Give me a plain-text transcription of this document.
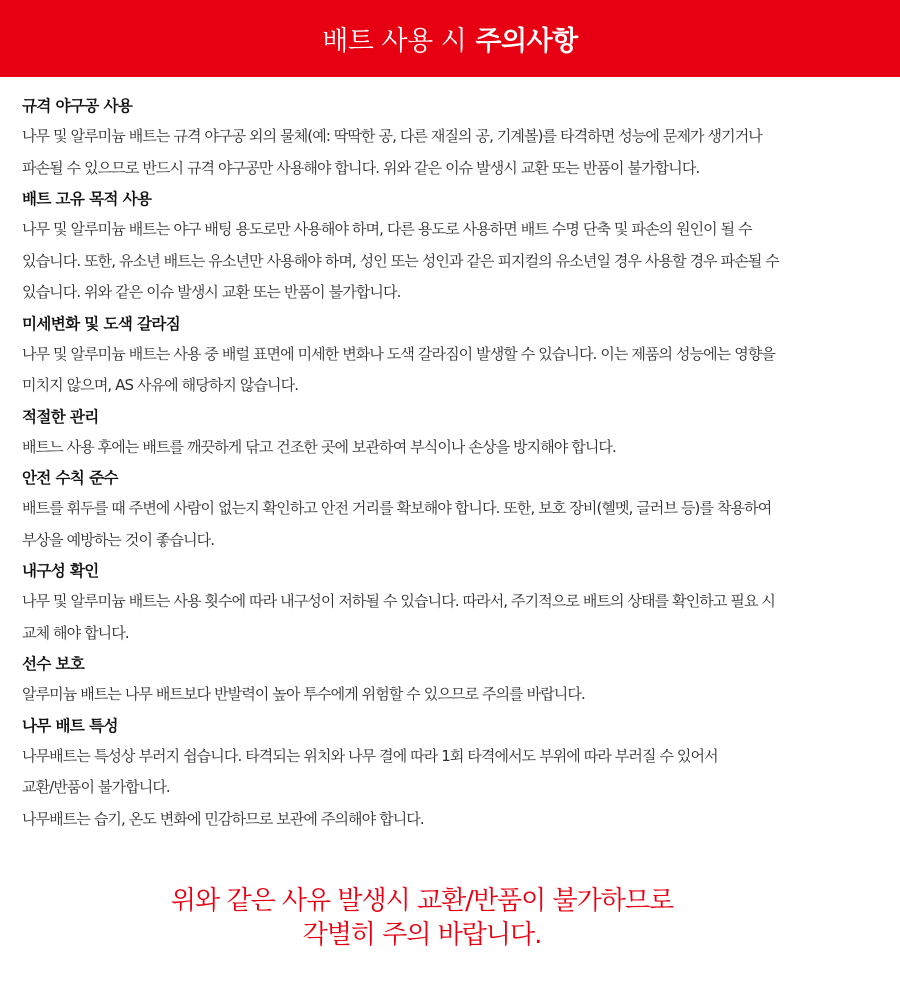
배트 사용 시 주의사항
규격 야구공 사용
나무 및 알루미늄 배트는 규격 야구공 외의 물체(예: 딱딱한 공, 다른 재질의 공, 기계볼)를 타격하면 성능에 문제가 생기거나
파손될 수 있으므로 반드시 규격 야구공만 사용해야 합니다. 위와 같은 이슈 발생시 교환 또는 반품이 불가합니다.
배트 고유 목적 사용
나무 및 알루미늄 배트는 야구 배팅 용도로만 사용해야 하며, 다른 용도로 사용하면 배트 수명 단축 및 파손의 원인이 될 수
있습니다. 또한, 유소년 배트는 유소년만 사용해야 하며, 성인 또는 성인과 같은 피지컬의 유소년일 경우 사용할 경우 파손될 수
있습니다. 위와 같은 이슈 발생시 교환 또는 반품이 불가합니다.
미세변화 및 도색 갈라짐
나무 및 알루미늄 배트는 사용 중 배럴 표면에 미세한 변화나 도색 갈라짐이 발생할 수 있습니다. 이는 제품의 성능에는 영향을
미치지 않으며, AS 사유에 해당하지 않습니다.
적절한 관리
배트느 사용 후에는 배트를 깨끗하게 닦고 건조한 곳에 보관하여 부식이나 손상을 방지해야 합니다.
안전 수칙 준수
배트를 휘두를 때 주변에 사람이 없는지 확인하고 안전 거리를 확보해야 합니다. 또한, 보호 장비(헬멧, 글러브 등)를 착용하여
부상을 예방하는 것이 좋습니다.
내구성 확인
나무 및 알루미늄 배트는 사용 횟수에 따라 내구성이 저하될 수 있습니다. 따라서, 주기적으로 배트의 상태를 확인하고 필요 시
교체 해야 합니다.
선수 보호
알루미늄 배트는 나무 배트보다 반발력이 높아 투수에게 위험할 수 있으므로 주의를 바랍니다.
나무 배트 특성
나무배트는 특성상 부러지 쉽습니다. 타격되는 위치와 나무 결에 따라 1회 타격에서도 부위에 따라 부러질 수 있어서
교환/반품이 불가합니다.
나무배트는 습기, 온도 변화에 민감하므로 보관에 주의해야 합니다.
위와 같은 사유 발생시 교환/반품이 불가하므로
각별히 주의 바랍니다.
